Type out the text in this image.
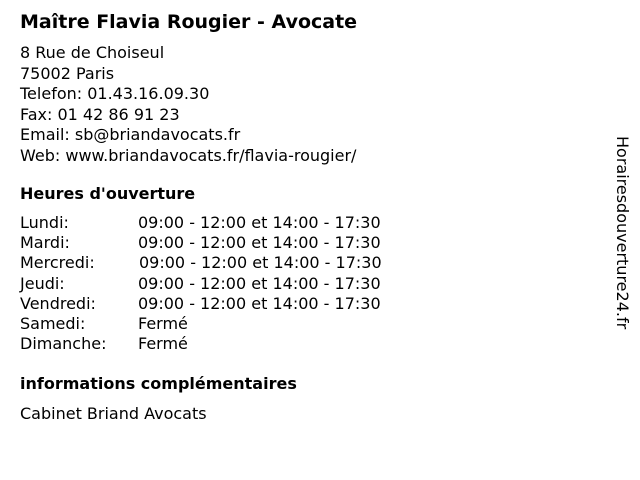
Maître Flavia Rougier - Avocate
8 Rue de Choiseul
75002 Paris
Telefon: 01.43.16.09.30
Fax: 01 42 86 91 23
Email: sb@briandavocats.fr
Web: www.briandavocats.fr/flavia-rougier/
Heures d'ouverture
Lundi:	09:00 - 12:00 et 14:00 - 17:30
Mardi:	09:00 - 12:00 et 14:00 - 17:30
Mercredi:	09:00 - 12:00 et 14:00 - 17:30
Jeudi:	09:00 - 12:00 et 14:00 - 17:30
Vendredi:	09:00 - 12:00 et 14:00 - 17:30
Samedi:	Fermé
Dimanche: Fermé
informations complémentaires
Cabinet Briand Avocats
Horairesdouverture24.fr
